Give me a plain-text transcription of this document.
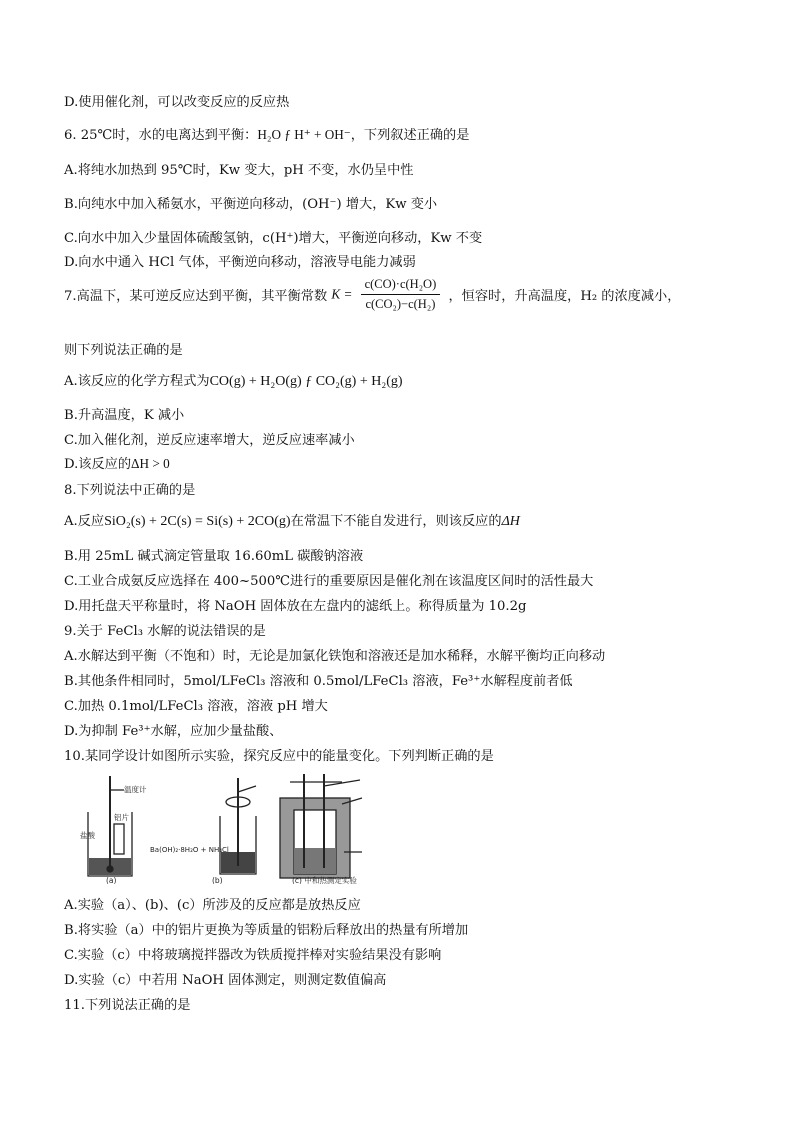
D.使用催化剂，可以改变反应的反应热
6. 25℃时，水的电离达到平衡：H₂O ƒ H⁺ + OH⁻，下列叙述正确的是
A.将纯水加热到 95℃时，Kw 变大，pH 不变，水仍呈中性
B.向纯水中加入稀氨水，平衡逆向移动，(OH⁻) 增大，Kw 变小
C.向水中加入少量固体硫酸氢钠，c(H⁺)增大，平衡逆向移动，Kw 不变
D.向水中通入 HCl 气体，平衡逆向移动，溶液导电能力减弱
7.高温下，某可逆反应达到平衡，其平衡常数 $K = \frac{\text{c(CO)·c(H₂O)}}{\text{c(CO₂)−c(H₂)}}$ ，恒容时，升高温度，H₂ 的浓度减小，
则下列说法正确的是
A.该反应的化学方程式为CO(g) + H₂O(g) ƒ CO₂(g) + H₂(g)
B.升高温度，K 减小
C.加入催化剂，逆反应速率增大，逆反应速率减小
D.该反应的ΔH > 0
8.下列说法中正确的是
A.反应SiO₂(s) + 2C(s) = Si(s) + 2CO(g)在常温下不能自发进行，则该反应的ΔH
B.用 25mL 碱式滴定管量取 16.60mL 碳酸钠溶液
C.工业合成氨反应选择在 400~500℃进行的重要原因是催化剂在该温度区间时的活性最大
D.用托盘天平称量时，将 NaOH 固体放在左盘内的滤纸上。称得质量为 10.2g
9.关于 FeCl₃ 水解的说法错误的是
A.水解达到平衡（不饱和）时，无论是加氯化铁饱和溶液还是加水稀释，水解平衡均正向移动
B.其他条件相同时，5mol/LFeCl₃ 溶液和 0.5mol/LFeCl₃ 溶液，Fe³⁺水解程度前者低
C.加热 0.1mol/LFeCl₃ 溶液，溶液 pH 增大
D.为抑制 Fe³⁺水解，应加少量盐酸、
10.某同学设计如图所示实验，探究反应中的能量变化。下列判断正确的是
温度计
铝片
盐酸
Ba(OH)₂·8H₂O + NH₄Cl
(a)	(b)	(c) 中和热测定实验
A.实验（a）、(b)、(c）所涉及的反应都是放热反应
B.将实验（a）中的铝片更换为等质量的铝粉后释放出的热量有所增加
C.实验（c）中将玻璃搅拌器改为铁质搅拌棒对实验结果没有影响
D.实验（c）中若用 NaOH 固体测定，则测定数值偏高
11.下列说法正确的是
